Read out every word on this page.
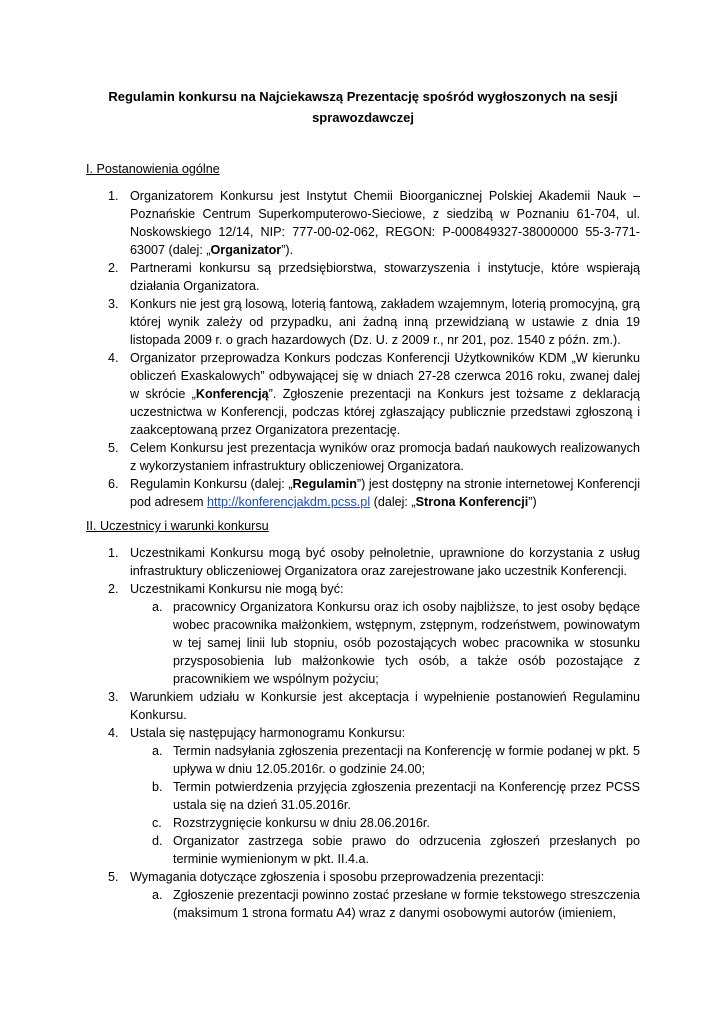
Regulamin konkursu na Najciekawszą Prezentację spośród wygłoszonych na sesji
sprawozdawczej
I. Postanowienia ogólne
1. Organizatorem Konkursu jest Instytut Chemii Bioorganicznej Polskiej Akademii Nauk – Poznańskie Centrum Superkomputerowo-Sieciowe, z siedzibą w Poznaniu 61-704, ul. Noskowskiego 12/14, NIP: 777-00-02-062, REGON: P-000849327-38000000 55-3-771-63007 (dalej: „Organizator”).
2. Partnerami konkursu są przedsiębiorstwa, stowarzyszenia i instytucje, które wspierają działania Organizatora.
3. Konkurs nie jest grą losową, loterią fantową, zakładem wzajemnym, loterią promocyjną, grą której wynik zależy od przypadku, ani żadną inną przewidzianą w ustawie z dnia 19 listopada 2009 r. o grach hazardowych (Dz. U. z 2009 r., nr 201, poz. 1540 z późn. zm.).
4. Organizator przeprowadza Konkurs podczas Konferencji Użytkowników KDM „W kierunku obliczeń Exaskalowych” odbywającej się w dniach 27-28 czerwca 2016 roku, zwanej dalej w skrócie „Konferencją”. Zgłoszenie prezentacji na Konkurs jest tożsame z deklaracją uczestnictwa w Konferencji, podczas której zgłaszający publicznie przedstawi zgłoszoną i zaakceptowaną przez Organizatora prezentację.
5. Celem Konkursu jest prezentacja wyników oraz promocja badań naukowych realizowanych z wykorzystaniem infrastruktury obliczeniowej Organizatora.
6. Regulamin Konkursu (dalej: „Regulamin”) jest dostępny na stronie internetowej Konferencji pod adresem http://konferencjakdm.pcss.pl (dalej: „Strona Konferencji”)
II. Uczestnicy i warunki konkursu
1. Uczestnikami Konkursu mogą być osoby pełnoletnie, uprawnione do korzystania z usług infrastruktury obliczeniowej Organizatora oraz zarejestrowane jako uczestnik Konferencji.
2. Uczestnikami Konkursu nie mogą być:
a. pracownicy Organizatora Konkursu oraz ich osoby najbliższe, to jest osoby będące wobec pracownika małżonkiem, wstępnym, zstępnym, rodzeństwem, powinowatym w tej samej linii lub stopniu, osób pozostających wobec pracownika w stosunku przysposobienia lub małżonkowie tych osób, a także osób pozostające z pracownikiem we wspólnym pożyciu;
3. Warunkiem udziału w Konkursie jest akceptacja i wypełnienie postanowień Regulaminu Konkursu.
4. Ustala się następujący harmonogramu Konkursu:
a. Termin nadsyłania zgłoszenia prezentacji na Konferencję w formie podanej w pkt. 5 upływa w dniu 12.05.2016r. o godzinie 24.00;
b. Termin potwierdzenia przyjęcia zgłoszenia prezentacji na Konferencję przez PCSS ustala się na dzień 31.05.2016r.
c. Rozstrzygnięcie konkursu w dniu 28.06.2016r.
d. Organizator zastrzega sobie prawo do odrzucenia zgłoszeń przesłanych po terminie wymienionym w pkt. II.4.a.
5. Wymagania dotyczące zgłoszenia i sposobu przeprowadzenia prezentacji:
a. Zgłoszenie prezentacji powinno zostać przesłane w formie tekstowego streszczenia (maksimum 1 strona formatu A4) wraz z danymi osobowymi autorów (imieniem,
